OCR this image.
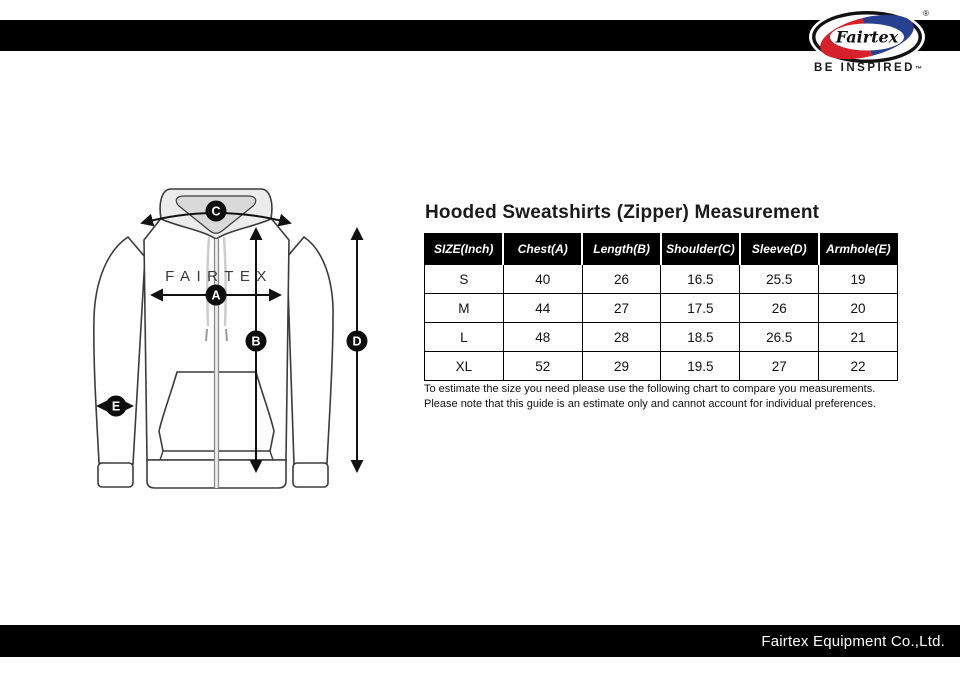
Fairtex
®
BE INSPIRED™
FAIRTEX
C
A
B	D
E
Hooded Sweatshirts (Zipper) Measurement
SIZE(Inch)	Chest(A)	Length(B)	Shoulder(C)	Sleeve(D)	Armhole(E)
S	40	26	16.5	25.5	19
M	44	27	17.5	26	20
L	48	28	18.5	26.5	21
XL	52	29	19.5	27	22
To estimate the size you need please use the following chart to compare you measurements.
Please note that this guide is an estimate only and cannot account for individual preferences.
Fairtex Equipment Co.,Ltd.
